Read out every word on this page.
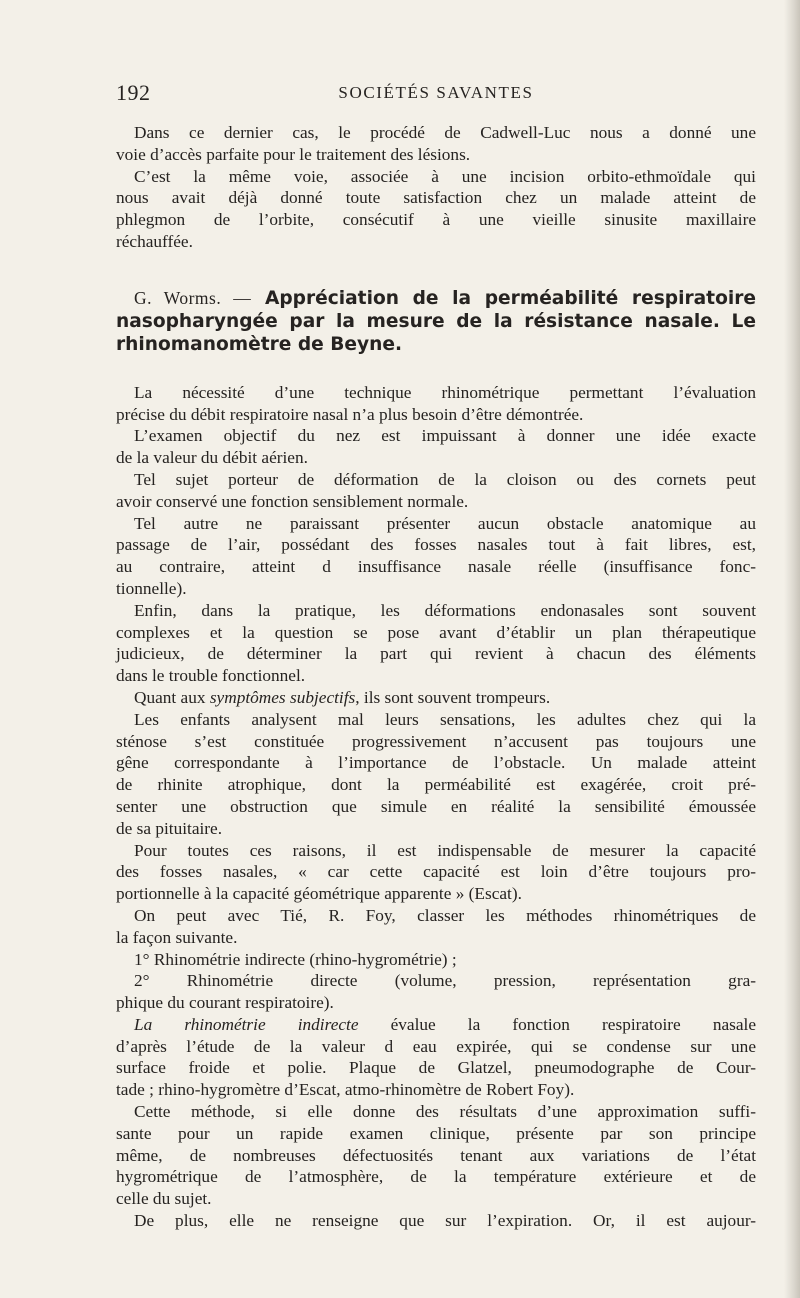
192	SOCIÉTÉS SAVANTES
Dans ce dernier cas, le procédé de Cadwell-Luc nous a donné une
voie d’accès parfaite pour le traitement des lésions.
C’est la même voie, associée à une incision orbito-ethmoïdale qui
nous avait déjà donné toute satisfaction chez un malade atteint de
phlegmon de l’orbite, consécutif à une vieille sinusite maxillaire
réchauffée.
G. Worms. — Appréciation de la perméabilité respiratoire
nasopharyngée par la mesure de la résistance nasale. Le
rhinomanomètre de Beyne.
La nécessité d’une technique rhinométrique permettant l’évaluation
précise du débit respiratoire nasal n’a plus besoin d’être démontrée.
L’examen objectif du nez est impuissant à donner une idée exacte
de la valeur du débit aérien.
Tel sujet porteur de déformation de la cloison ou des cornets peut
avoir conservé une fonction sensiblement normale.
Tel autre ne paraissant présenter aucun obstacle anatomique au
passage de l’air, possédant des fosses nasales tout à fait libres, est,
au contraire, atteint d insuffisance nasale réelle (insuffisance fonc-
tionnelle).
Enfin, dans la pratique, les déformations endonasales sont souvent
complexes et la question se pose avant d’établir un plan thérapeutique
judicieux, de déterminer la part qui revient à chacun des éléments
dans le trouble fonctionnel.
Quant aux symptômes subjectifs, ils sont souvent trompeurs.
Les enfants analysent mal leurs sensations, les adultes chez qui la
sténose s’est constituée progressivement n’accusent pas toujours une
gêne correspondante à l’importance de l’obstacle. Un malade atteint
de rhinite atrophique, dont la perméabilité est exagérée, croit pré-
senter une obstruction que simule en réalité la sensibilité émoussée
de sa pituitaire.
Pour toutes ces raisons, il est indispensable de mesurer la capacité
des fosses nasales, « car cette capacité est loin d’être toujours pro-
portionnelle à la capacité géométrique apparente » (Escat).
On peut avec Tié, R. Foy, classer les méthodes rhinométriques de
la façon suivante.
1° Rhinométrie indirecte (rhino-hygrométrie) ;
2° Rhinométrie directe (volume, pression, représentation gra-
phique du courant respiratoire).
La rhinométrie indirecte évalue la fonction respiratoire nasale
d’après l’étude de la valeur d eau expirée, qui se condense sur une
surface froide et polie. Plaque de Glatzel, pneumodographe de Cour-
tade ; rhino-hygromètre d’Escat, atmo-rhinomètre de Robert Foy).
Cette méthode, si elle donne des résultats d’une approximation suffi-
sante pour un rapide examen clinique, présente par son principe
même, de nombreuses défectuosités tenant aux variations de l’état
hygrométrique de l’atmosphère, de la température extérieure et de
celle du sujet.
De plus, elle ne renseigne que sur l’expiration. Or, il est aujour-
